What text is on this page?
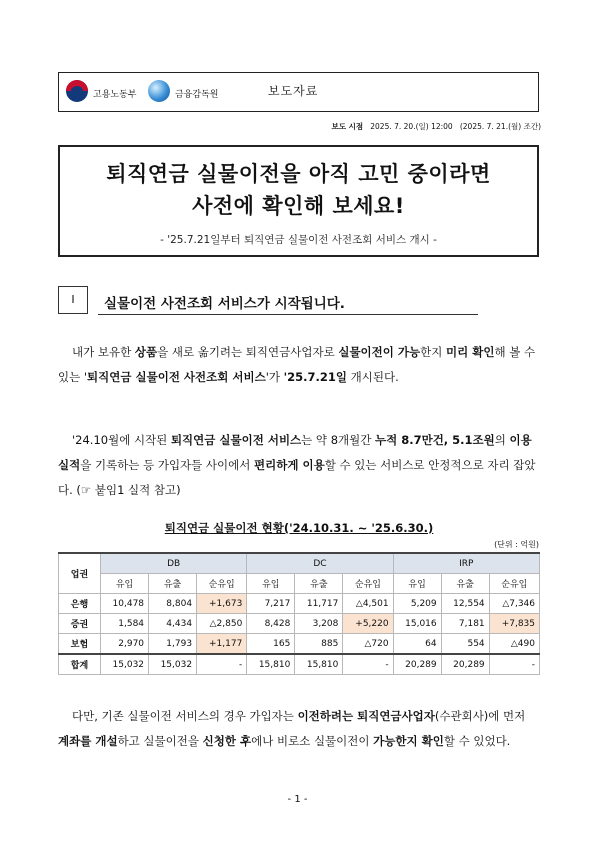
고용노동부	금융감독원	보도자료
보도 시점 2025. 7. 20.(일) 12:00 (2025. 7. 21.(월) 조간)
퇴직연금 실물이전을 아직 고민 중이라면
사전에 확인해 보세요!
- '25.7.21일부터 퇴직연금 실물이전 사전조회 서비스 개시 -
Ⅰ	실물이전 사전조회 서비스가 시작됩니다.
내가 보유한 상품을 새로 옮기려는 퇴직연금사업자로 실물이전이 가능한지 미리 확인해 볼 수 있는 '퇴직연금 실물이전 사전조회 서비스'가 '25.7.21일 개시된다.
'24.10월에 시작된 퇴직연금 실물이전 서비스는 약 8개월간 누적 8.7만건, 5.1조원의 이용실적을 기록하는 등 가입자들 사이에서 편리하게 이용할 수 있는 서비스로 안정적으로 자리 잡았다. (☞ 붙임1 실적 참고)
퇴직연금 실물이전 현황('24.10.31. ~ '25.6.30.)
(단위 : 억원)
업권	DB			DC			IRP		
	유입	유출	순유입	유입	유출	순유입	유입	유출	순유입
은행	10,478	8,804	+1,673	7,217	11,717	△4,501	5,209	12,554	△7,346
증권	1,584	4,434	△2,850	8,428	3,208	+5,220	15,016	7,181	+7,835
보험	2,970	1,793	+1,177	165	885	△720	64	554	△490
합계	15,032	15,032	-	15,810	15,810	-	20,289	20,289	-
다만, 기존 실물이전 서비스의 경우 가입자는 이전하려는 퇴직연금사업자(수관회사)에 먼저 계좌를 개설하고 실물이전을 신청한 후에나 비로소 실물이전이 가능한지 확인할 수 있었다.
- 1 -
